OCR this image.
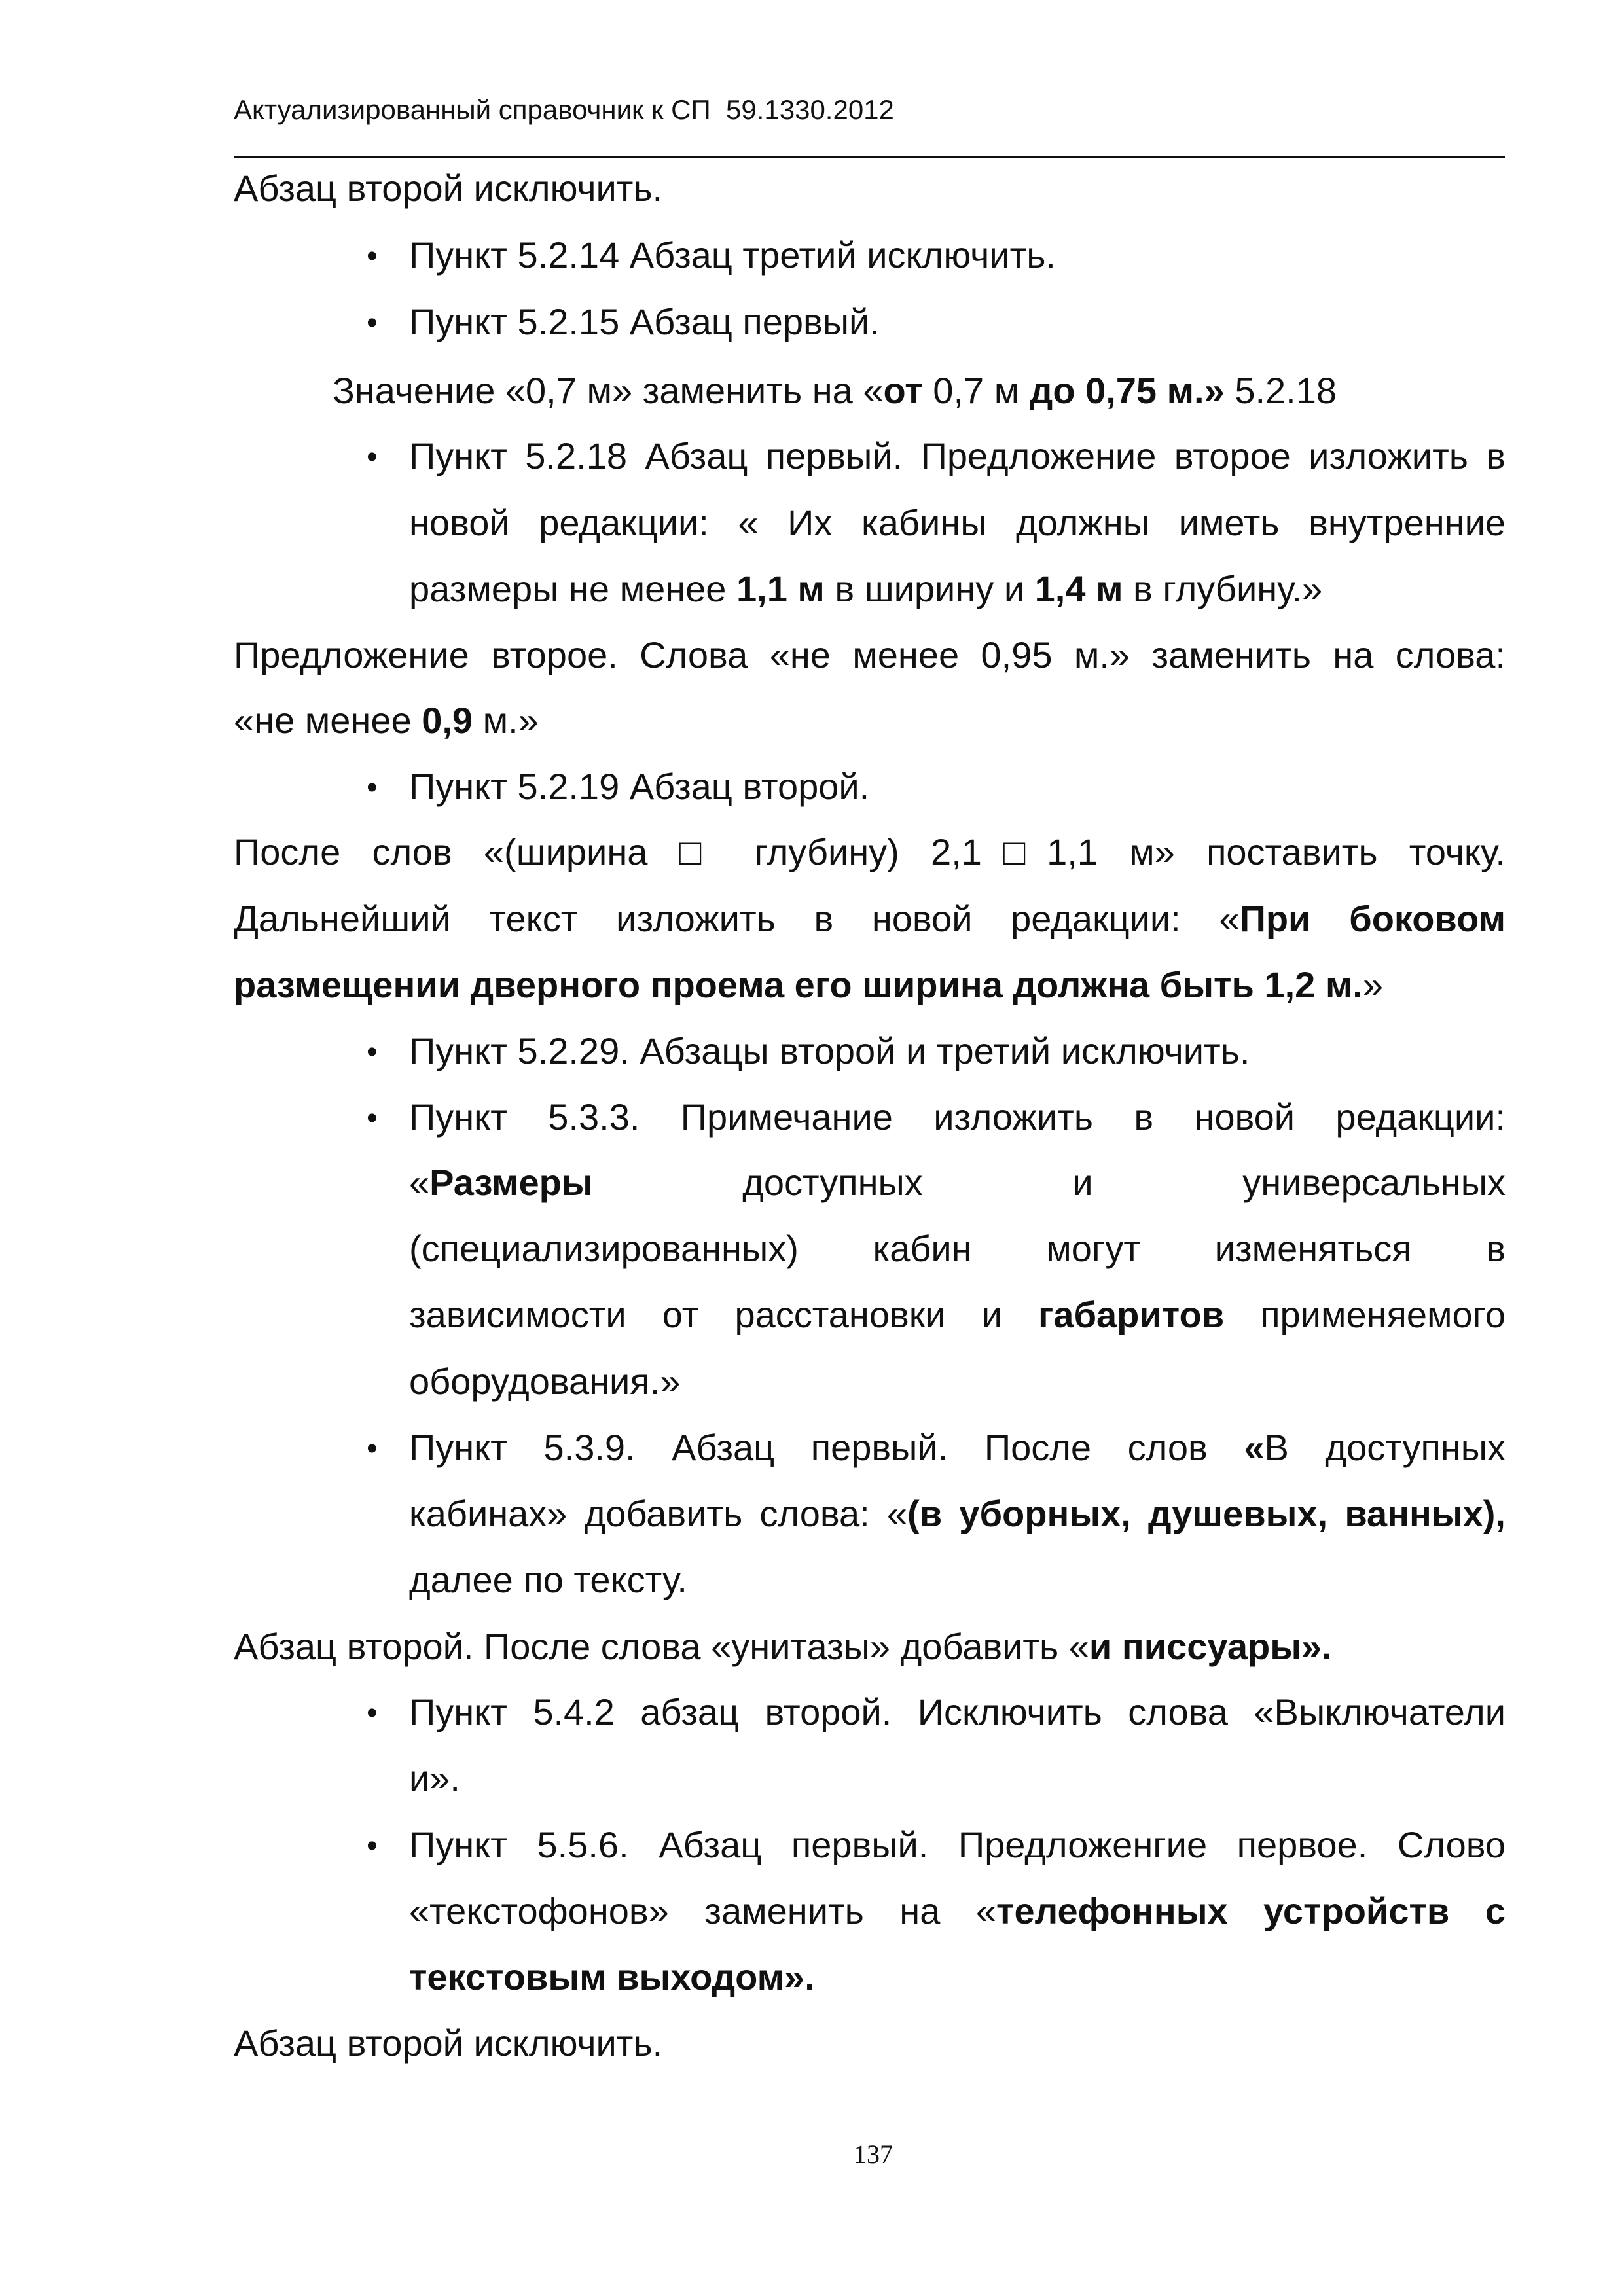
Актуализированный справочник к СП  59.1330.2012
Абзац второй исключить.
Пункт 5.2.14 Абзац третий исключить.
•
Пункт 5.2.15 Абзац первый.
•
Значение «0,7 м» заменить на «от 0,7 м до 0,75 м.» 5.2.18
Пункт 5.2.18 Абзац первый. Предложение второе изложить в
•
новой редакции: « Их кабины должны иметь внутренние
размеры не менее 1,1 м в ширину и 1,4 м в глубину.»
Предложение второе. Слова «не менее 0,95 м.» заменить на слова:
«не менее 0,9 м.»
Пункт 5.2.19 Абзац второй.
•
После слов «(ширина □ глубину) 2,1□1,1 м» поставить точку.
Дальнейший текст изложить в новой редакции: «При боковом
размещении дверного проема его ширина должна быть 1,2 м.»
Пункт 5.2.29. Абзацы второй и третий исключить.
•
Пункт 5.3.3. Примечание изложить в новой редакции:
•
«Размеры доступных и универсальных
(специализированных) кабин могут изменяться в
зависимости от расстановки и габаритов применяемого
оборудования.»
Пункт 5.3.9. Абзац первый. После слов «В доступных
•
кабинах» добавить слова: «(в уборных, душевых, ванных),
далее по тексту.
Абзац второй. После слова «унитазы» добавить «и писсуары».
Пункт 5.4.2 абзац второй. Исключить слова «Выключатели
•
и».
Пункт 5.5.6. Абзац первый. Предложенгие первое. Слово
•
«текстофонов» заменить на «телефонных устройств с
текстовым выходом».
Абзац второй исключить.
137
